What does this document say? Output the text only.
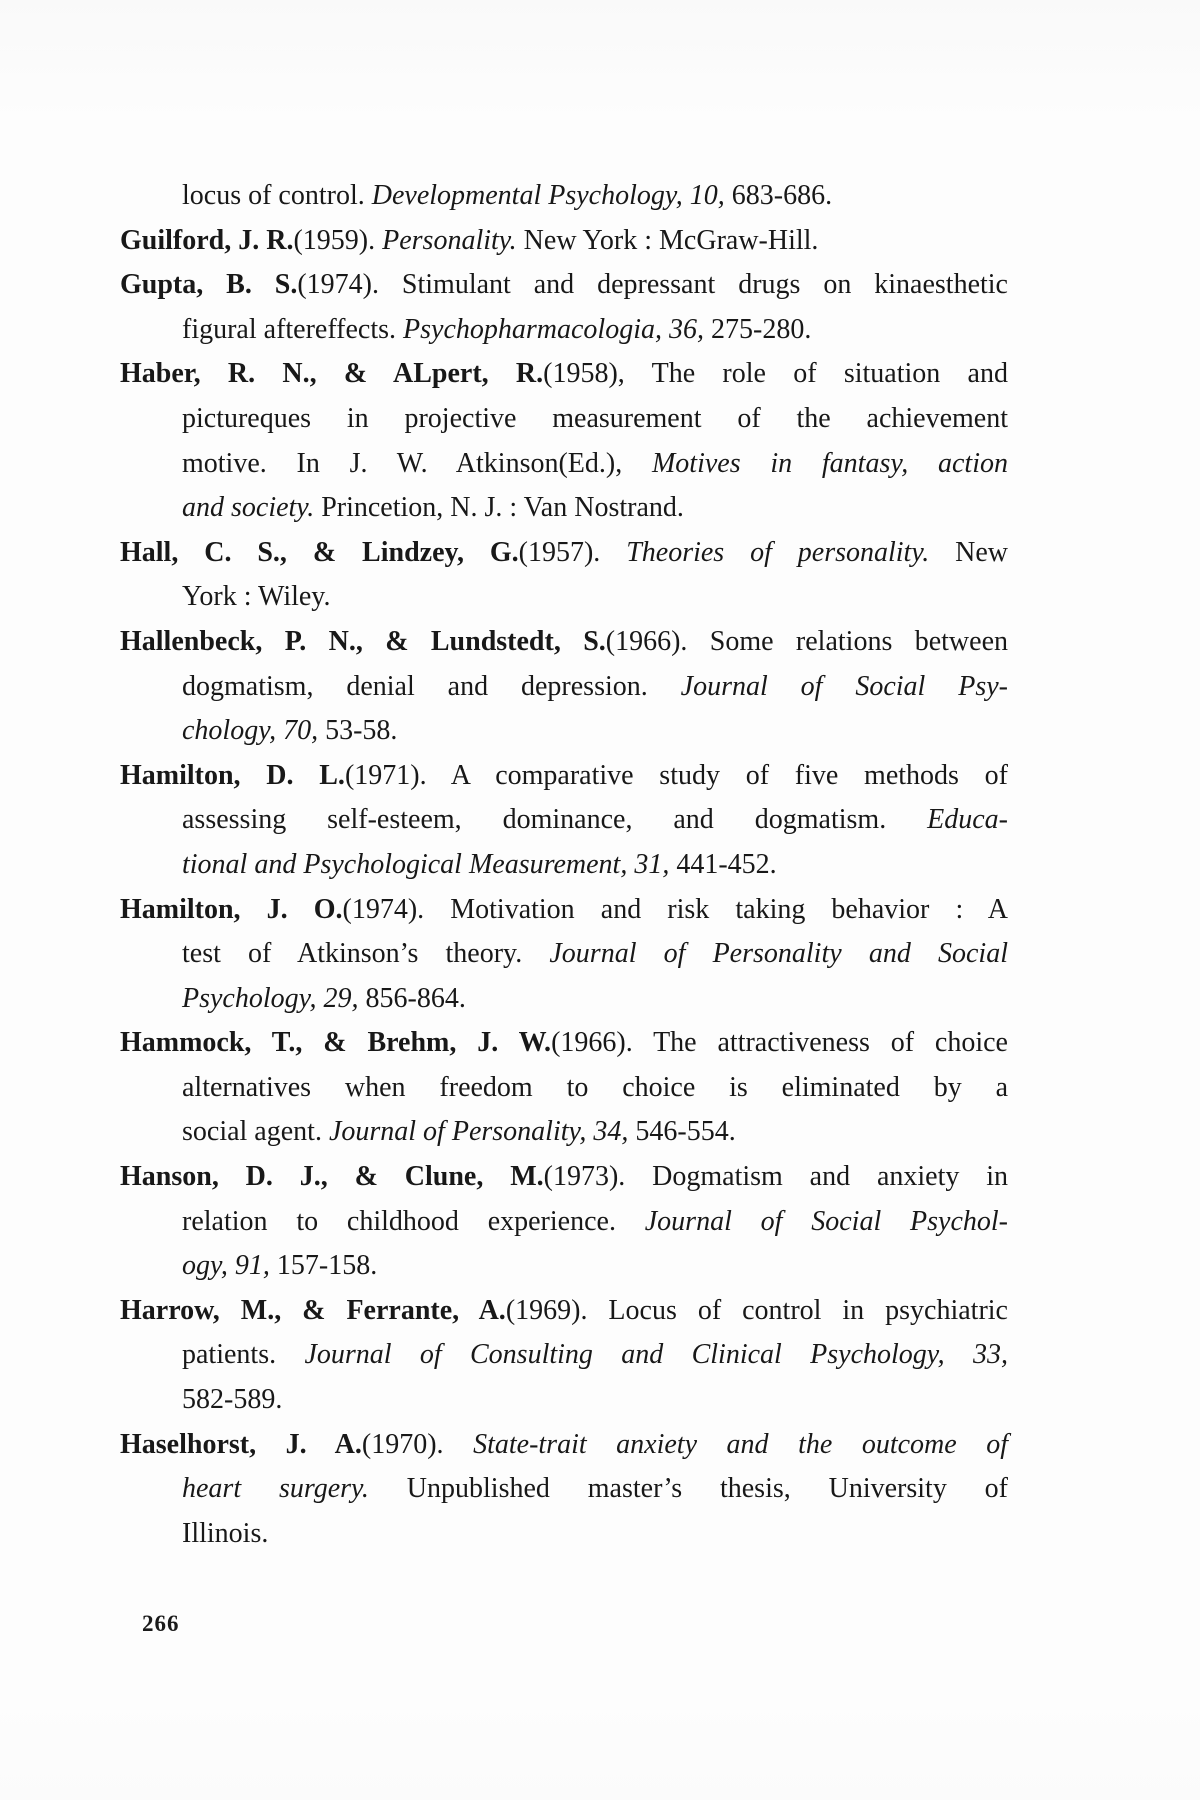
locus of control. Developmental Psychology, 10, 683-686.
Guilford, J. R.(1959). Personality. New York : McGraw-Hill.
Gupta, B. S.(1974). Stimulant and depressant drugs on kinaesthetic
figural aftereffects. Psychopharmacologia, 36, 275-280.
Haber, R. N., & ALpert, R.(1958), The role of situation and
pictureques in projective measurement of the achievement
motive. In J. W. Atkinson(Ed.), Motives in fantasy, action
and society. Princetion, N. J. : Van Nostrand.
Hall, C. S., & Lindzey, G.(1957). Theories of personality. New
York : Wiley.
Hallenbeck, P. N., & Lundstedt, S.(1966). Some relations between
dogmatism, denial and depression. Journal of Social Psy-
chology, 70, 53-58.
Hamilton, D. L.(1971). A comparative study of five methods of
assessing self-esteem, dominance, and dogmatism. Educa-
tional and Psychological Measurement, 31, 441-452.
Hamilton, J. O.(1974). Motivation and risk taking behavior : A
test of Atkinson’s theory. Journal of Personality and Social
Psychology, 29, 856-864.
Hammock, T., & Brehm, J. W.(1966). The attractiveness of choice
alternatives when freedom to choice is eliminated by a
social agent. Journal of Personality, 34, 546-554.
Hanson, D. J., & Clune, M.(1973). Dogmatism and anxiety in
relation to childhood experience. Journal of Social Psychol-
ogy, 91, 157-158.
Harrow, M., & Ferrante, A.(1969). Locus of control in psychiatric
patients. Journal of Consulting and Clinical Psychology, 33,
582-589.
Haselhorst, J. A.(1970). State-trait anxiety and the outcome of
heart surgery. Unpublished master’s thesis, University of
Illinois.
266
